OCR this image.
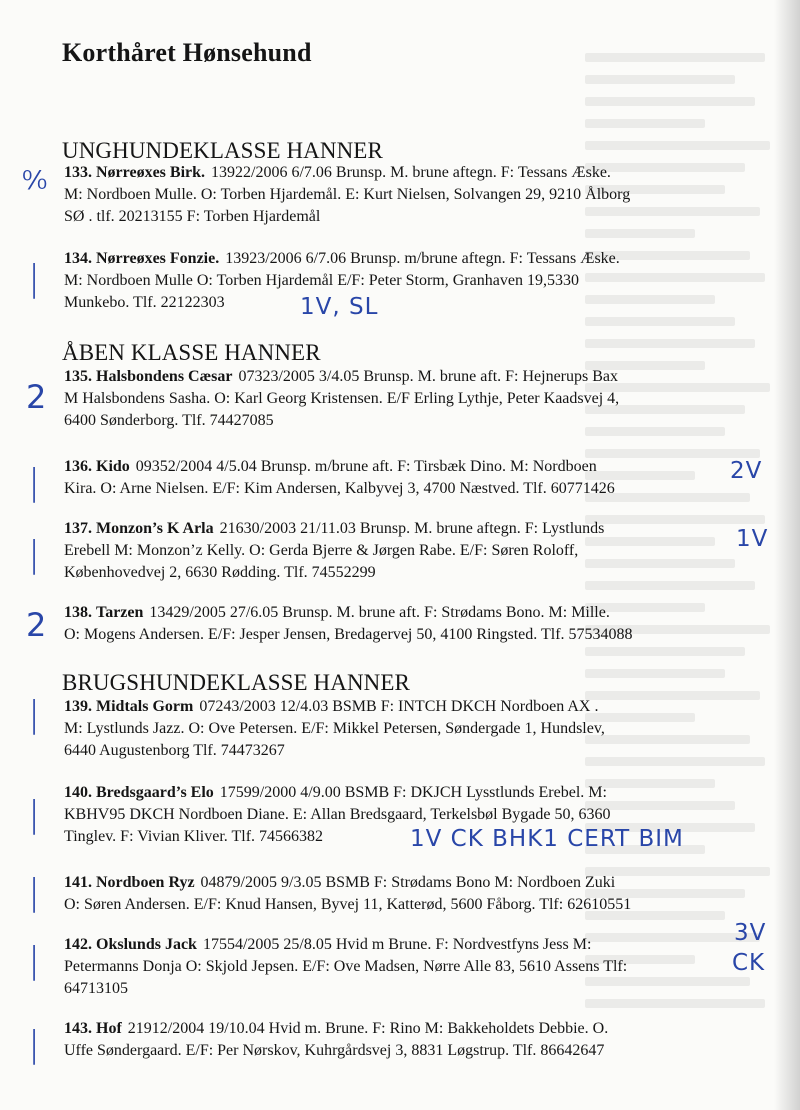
Korthåret Hønsehund
UNGHUNDEKLASSE HANNER
133. Nørreøxes Birk. 13922/2006 6/7.06 Brunsp. M. brune aftegn. F: Tessans Æske.
M: Nordboen Mulle. O: Torben Hjardemål. E: Kurt Nielsen, Solvangen 29, 9210 Ålborg
SØ . tlf. 20213155 F: Torben Hjardemål
⁰⁄₀
134. Nørreøxes Fonzie. 13923/2006 6/7.06 Brunsp. m/brune aftegn. F: Tessans Æske.
M: Nordboen Mulle O: Torben Hjardemål E/F: Peter Storm, Granhaven 19,5330
Munkebo. Tlf. 22122303
|
1V, SL
ÅBEN KLASSE HANNER
135. Halsbondens Cæsar 07323/2005 3/4.05 Brunsp. M. brune aft. F: Hejnerups Bax
M Halsbondens Sasha. O: Karl Georg Kristensen. E/F Erling Lythje, Peter Kaadsvej 4,
6400 Sønderborg. Tlf. 74427085
2
136. Kido 09352/2004 4/5.04 Brunsp. m/brune aft. F: Tirsbæk Dino. M: Nordboen
Kira. O: Arne Nielsen. E/F: Kim Andersen, Kalbyvej 3, 4700 Næstved. Tlf. 60771426
|	2V
137. Monzon’s K Arla 21630/2003 21/11.03 Brunsp. M. brune aftegn. F: Lystlunds
Erebell M: Monzon’z Kelly. O: Gerda Bjerre & Jørgen Rabe. E/F: Søren Roloff,
Københovedvej 2, 6630 Rødding. Tlf. 74552299
|	1V
138. Tarzen 13429/2005 27/6.05 Brunsp. M. brune aft. F: Strødams Bono. M: Mille.
O: Mogens Andersen. E/F: Jesper Jensen, Bredagervej 50, 4100 Ringsted. Tlf. 57534088
2
BRUGSHUNDEKLASSE HANNER
139. Midtals Gorm 07243/2003 12/4.03 BSMB F: INTCH DKCH Nordboen AX .
M: Lystlunds Jazz. O: Ove Petersen. E/F: Mikkel Petersen, Søndergade 1, Hundslev,
6440 Augustenborg Tlf. 74473267
|
140. Bredsgaard’s Elo 17599/2000 4/9.00 BSMB F: DKJCH Lysstlunds Erebel. M:
KBHV95 DKCH Nordboen Diane. E: Allan Bredsgaard, Terkelsbøl Bygade 50, 6360
Tinglev. F: Vivian Kliver. Tlf. 74566382
|
1V CK BHK1 CERT BIM
141. Nordboen Ryz 04879/2005 9/3.05 BSMB F: Strødams Bono M: Nordboen Zuki
O: Søren Andersen. E/F: Knud Hansen, Byvej 11, Katterød, 5600 Fåborg. Tlf: 62610551
|
142. Okslunds Jack 17554/2005 25/8.05 Hvid m Brune. F: Nordvestfyns Jess M:
Petermanns Donja O: Skjold Jepsen. E/F: Ove Madsen, Nørre Alle 83, 5610 Assens Tlf:
64713105
|
3V
CK
143. Hof 21912/2004 19/10.04 Hvid m. Brune. F: Rino M: Bakkeholdets Debbie. O.
Uffe Søndergaard. E/F: Per Nørskov, Kuhrgårdsvej 3, 8831 Løgstrup. Tlf. 86642647
|
